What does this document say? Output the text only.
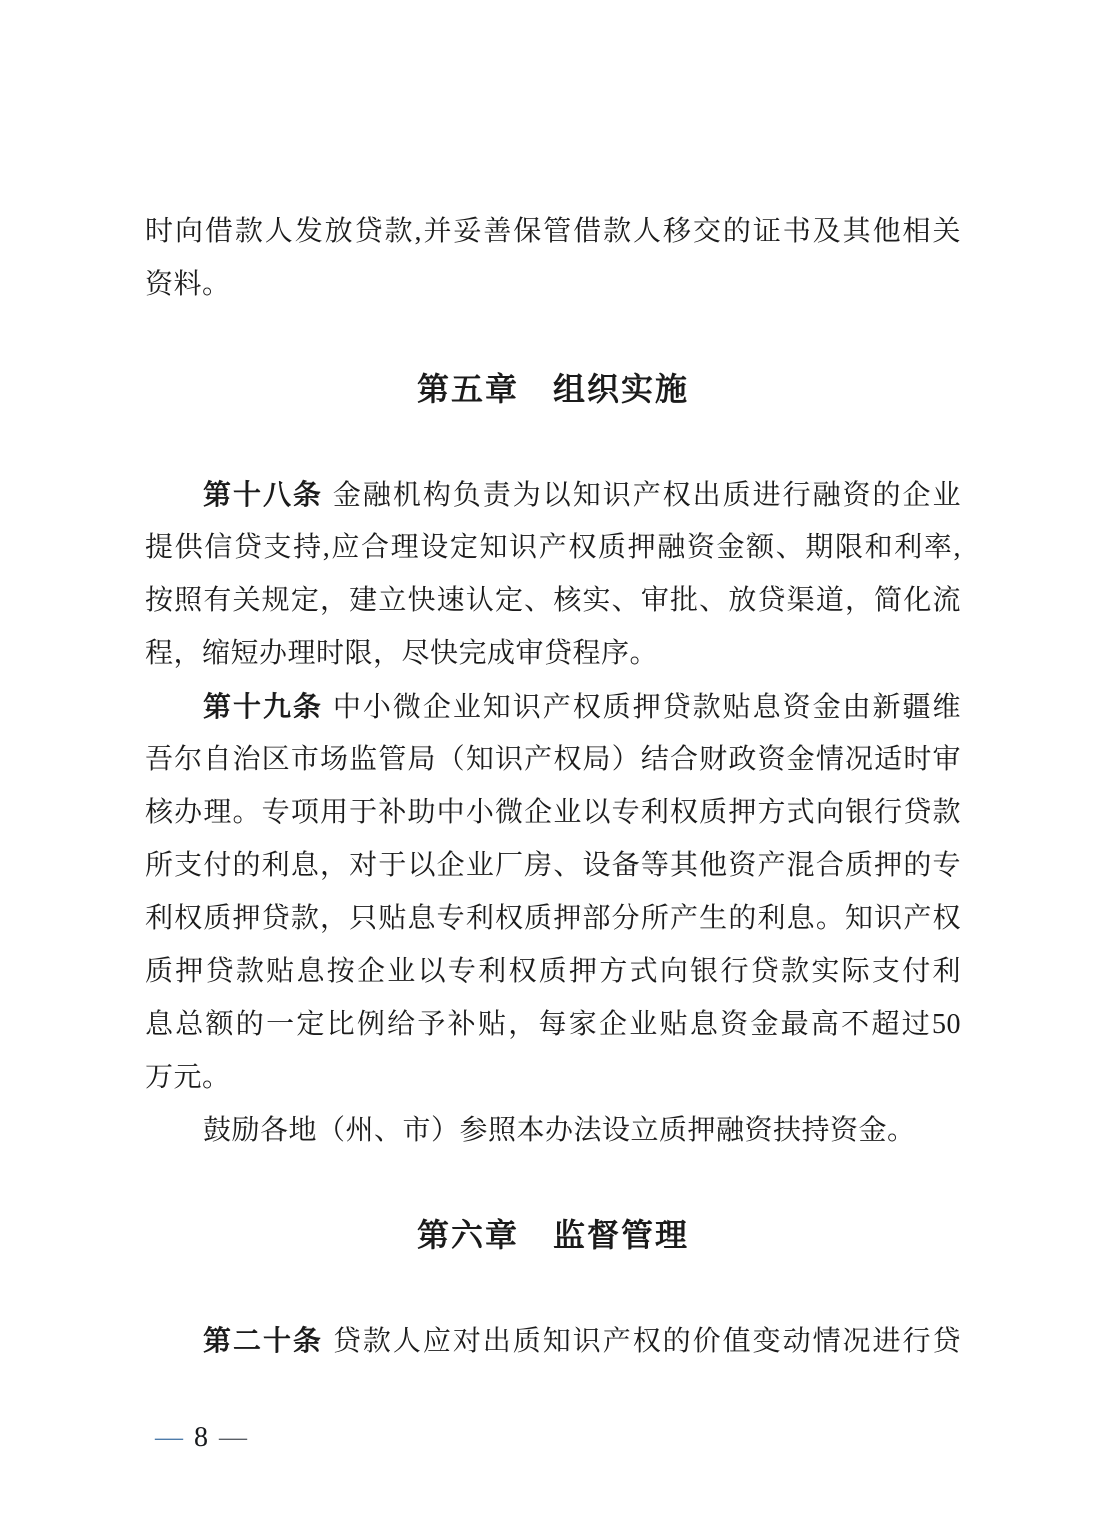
时向借款人发放贷款,并妥善保管借款人移交的证书及其他相关

资料。

第五章　组织实施

第十八条 金融机构负责为以知识产权出质进行融资的企业

提供信贷支持,应合理设定知识产权质押融资金额、期限和利率,

按照有关规定，建立快速认定、核实、审批、放贷渠道，简化流

程，缩短办理时限，尽快完成审贷程序。

第十九条 中小微企业知识产权质押贷款贴息资金由新疆维

吾尔自治区市场监管局（知识产权局）结合财政资金情况适时审

核办理。专项用于补助中小微企业以专利权质押方式向银行贷款

所支付的利息，对于以企业厂房、设备等其他资产混合质押的专

利权质押贷款，只贴息专利权质押部分所产生的利息。知识产权

质押贷款贴息按企业以专利权质押方式向银行贷款实际支付利

息总额的一定比例给予补贴，每家企业贴息资金最高不超过50

万元。

鼓励各地（州、市）参照本办法设立质押融资扶持资金。

第六章　监督管理

第二十条 贷款人应对出质知识产权的价值变动情况进行贷

— 8 —
